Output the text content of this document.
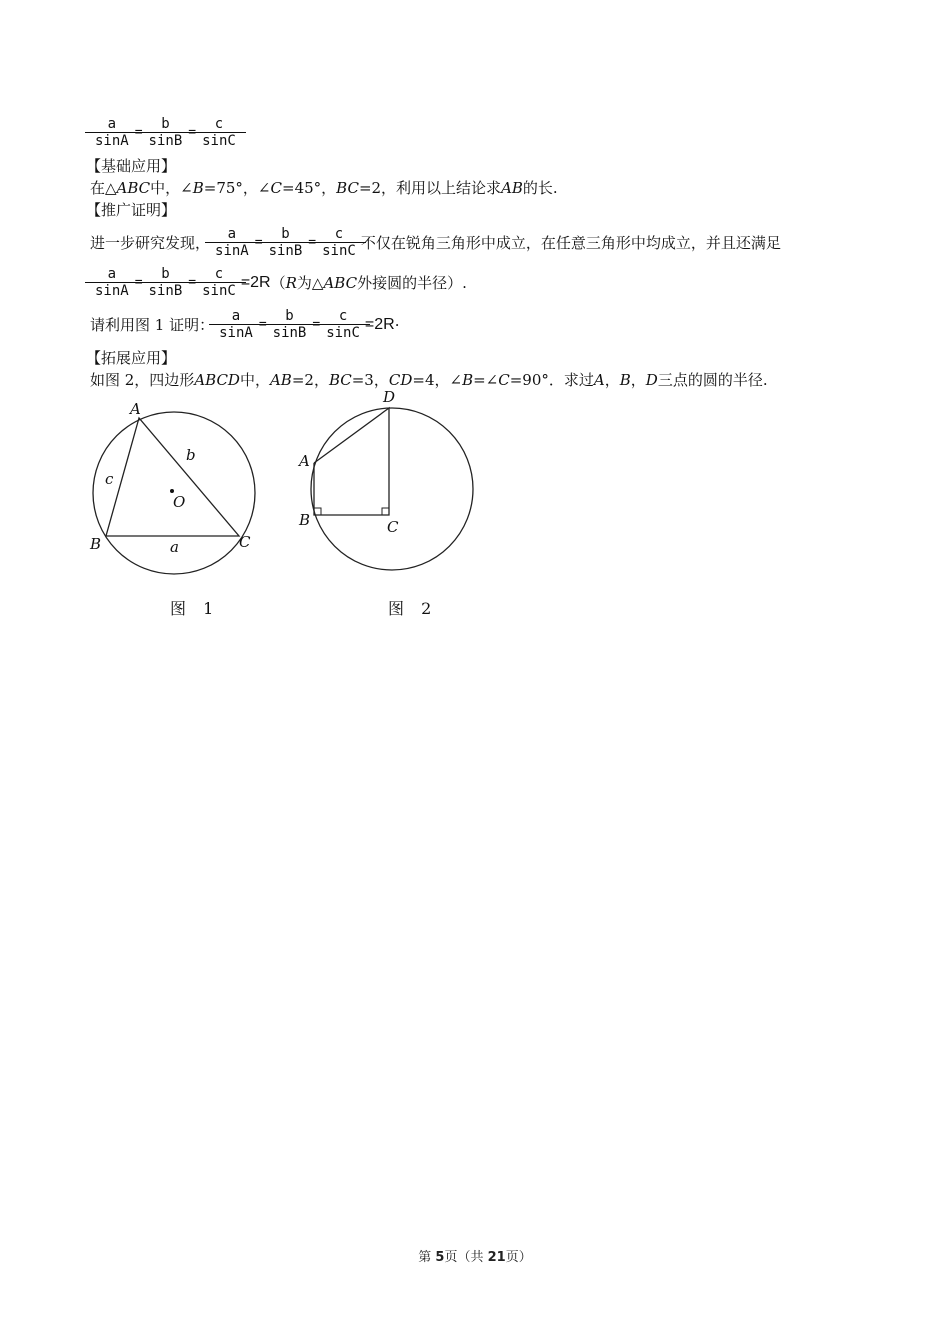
$\frac{a}{\sin A} = \frac{b}{\sin B} = \frac{c}{\sin C}$
【基础应用】
在△ ABC 中，∠ B =75°，∠ C =45°， BC =2，利用以上结论求 AB 的长.
【推广证明】
进一步研究发现， $\frac{a}{\sin A} = \frac{b}{\sin B} = \frac{c}{\sin C}$ 不仅在锐角三角形中成立，在任意三角形中均成立，并且还满足
$\frac{a}{\sin A} = \frac{b}{\sin B} = \frac{c}{\sin C} =2R$ （ R 为△ ABC 外接圆的半径）.
请利用图 1 证明： $\frac{a}{\sin A} = \frac{b}{\sin B} = \frac{c}{\sin C} =2R$ ·
【拓展应用】
如图 2，四边形 ABCD 中， AB =2， BC =3， CD =4，∠ B =∠ C =90°．求过 A ， B ， D 三点的圆的半径.
A
B	C
O
b
c
a
图 1
D
A
B	C
图 2
第 5页（共 21页）
